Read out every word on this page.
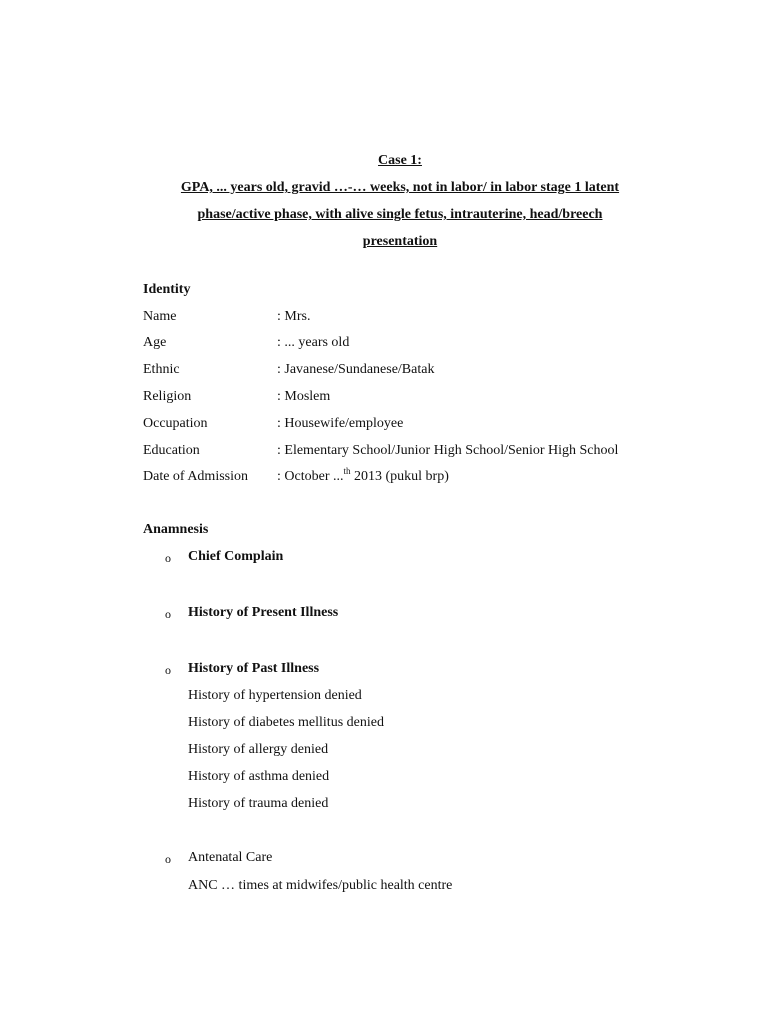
Case 1:
GPA, ... years old, gravid …-… weeks, not in labor/ in labor stage 1 latent
phase/active phase, with alive single fetus, intrauterine, head/breech
presentation
Identity
Name	: Mrs.
Age	: ... years old
Ethnic	: Javanese/Sundanese/Batak
Religion	: Moslem
Occupation	: Housewife/employee
Education	: Elementary School/Junior High School/Senior High School
Date of Admission : October ...$^{th}$ 2013 (pukul brp)
Anamnesis
o Chief Complain
o History of Present Illness
o History of Past Illness
History of hypertension denied
History of diabetes mellitus denied
History of allergy denied
History of asthma denied
History of trauma denied
o Antenatal Care
ANC … times at midwifes/public health centre
